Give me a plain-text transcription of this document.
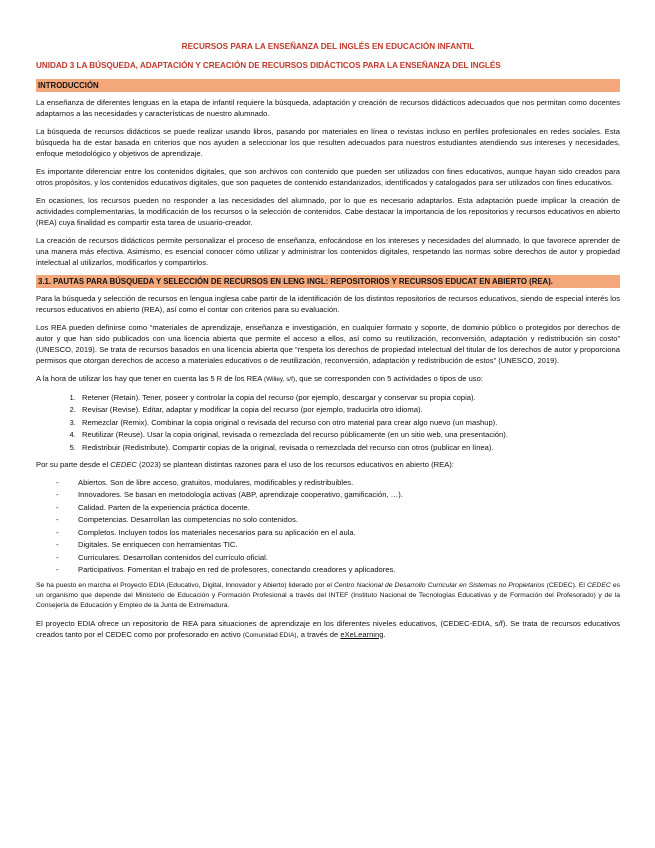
RECURSOS PARA LA ENSEÑANZA DEL INGLÉS EN EDUCACIÓN INFANTIL
UNIDAD 3 LA BÚSQUEDA, ADAPTACIÓN Y CREACIÓN DE RECURSOS DIDÁCTICOS PARA LA ENSEÑANZA DEL INGLÉS
INTRODUCCIÓN

La enseñanza de diferentes lenguas en la etapa de infantil requiere la búsqueda, adaptación y creación de recursos didácticos adecuados que nos permitan como docentes adaptarnos a las necesidades y características de nuestro alumnado.

La búsqueda de recursos didácticos se puede realizar usando libros, pasando por materiales en línea o revistas incluso en perfiles profesionales en redes sociales. Esta búsqueda ha de estar basada en criterios que nos ayuden a seleccionar los que resulten adecuados para nuestros estudiantes atendiendo sus intereses y necesidades, enfoque metodológico y objetivos de aprendizaje.

Es importante diferenciar entre los contenidos digitales, que son archivos con contenido que pueden ser utilizados con fines educativos, aunque hayan sido creados para otros propósitos, y los contenidos educativos digitales, que son paquetes de contenido estandarizados, identificados y catalogados para ser utilizados con fines educativos.

En ocasiones, los recursos pueden no responder a las necesidades del alumnado, por lo que es necesario adaptarlos. Esta adaptación puede implicar la creación de actividades complementarias, la modificación de los recursos o la selección de contenidos. Cabe destacar la importancia de los repositorios y recursos educativos en abierto (REA) cuya finalidad es compartir esta tarea de usuario-creador.

La creación de recursos didácticos permite personalizar el proceso de enseñanza, enfocándose en los intereses y necesidades del alumnado, lo que favorece aprender de una manera más efectiva. Asimismo, es esencial conocer cómo utilizar y administrar los contenidos digitales, respetando las normas sobre derechos de autor y propiedad intelectual al utilizarlos, modificarlos y compartirlos.

3.1. PAUTAS PARA BÚSQUEDA Y SELECCIÓN DE RECURSOS EN LENG INGL: REPOSITORIOS Y RECURSOS EDUCAT EN ABIERTO (REA).

Para la búsqueda y selección de recursos en lengua inglesa cabe partir de la identificación de los distintos repositorios de recursos educativos, siendo de especial interés los recursos educativos en abierto (REA), así como el contar con criterios para su evaluación.

Los REA pueden definirse como “materiales de aprendizaje, enseñanza e investigación, en cualquier formato y soporte, de dominio público o protegidos por derechos de autor y que han sido publicados con una licencia abierta que permite el acceso a ellos, así como su reutilización, reconversión, adaptación y redistribución sin costo” (UNESCO, 2019). Se trata de recursos basados en una licencia abierta que “respeta los derechos de propiedad intelectual del titular de los derechos de autor y proporciona permisos que otorgan derechos de acceso a materiales educativos o de reutilización, reconversión, adaptación y redistribución de estos” (UNESCO, 2019).

A la hora de utilizar los hay que tener en cuenta las 5 R de los REA (Willey, s/f), que se corresponden con 5 actividades o tipos de uso:

1. Retener (Retain). Tener, poseer y controlar la copia del recurso (por ejemplo, descargar y conservar su propia copia).
2. Revisar (Revise). Editar, adaptar y modificar la copia del recurso (por ejemplo, traducirla otro idioma).
3. Remezclar (Remix). Combinar la copia original o revisada del recurso con otro material para crear algo nuevo (un mashup).
4. Reutilizar (Reuse). Usar la copia original, revisada o remezclada del recurso públicamente (en un sitio web, una presentación).
5. Redistribuir (Redistribute). Compartir copias de la original, revisada o remezclada del recurso con otros (publicar en línea).

Por su parte desde el CEDEC (2023) se plantean distintas razones para el uso de los recursos educativos en abierto (REA):

-	Abiertos. Son de libre acceso, gratuitos, modulares, modificables y redistribuibles.
-	Innovadores. Se basan en metodología activas (ABP, aprendizaje cooperativo, gamificación, …).
-	Calidad. Parten de la experiencia práctica docente.
-	Competencias. Desarrollan las competencias no solo contenidos.
-	Completos. Incluyen todos los materiales necesarios para su aplicación en el aula.
-	Digitales. Se enriquecen con herramientas TIC.
-	Curriculares. Desarrollan contenidos del currículo oficial.
-	Participativos. Fomentan el trabajo en red de profesores, conectando creadores y aplicadores.

Se ha puesto en marcha el Proyecto EDIA (Educativo, Digital, Innovador y Abierto) liderado por el Centro Nacional de Desarrollo Curricular en Sistemas no Propietarios (CEDEC). El CEDEC es un organismo que depende del Ministerio de Educación y Formación Profesional a través del INTEF (Instituto Nacional de Tecnologías Educativas y de Formación del Profesorado) y de la Consejería de Educación y Empleo de la Junta de Extremadura.

El proyecto EDIA ofrece un repositorio de REA para situaciones de aprendizaje en los diferentes niveles educativos, (CEDEC-EDIA, s/f). Se trata de recursos educativos creados tanto por el CEDEC como por profesorado en activo (Comunidad EDIA), a través de eXeLearning.
